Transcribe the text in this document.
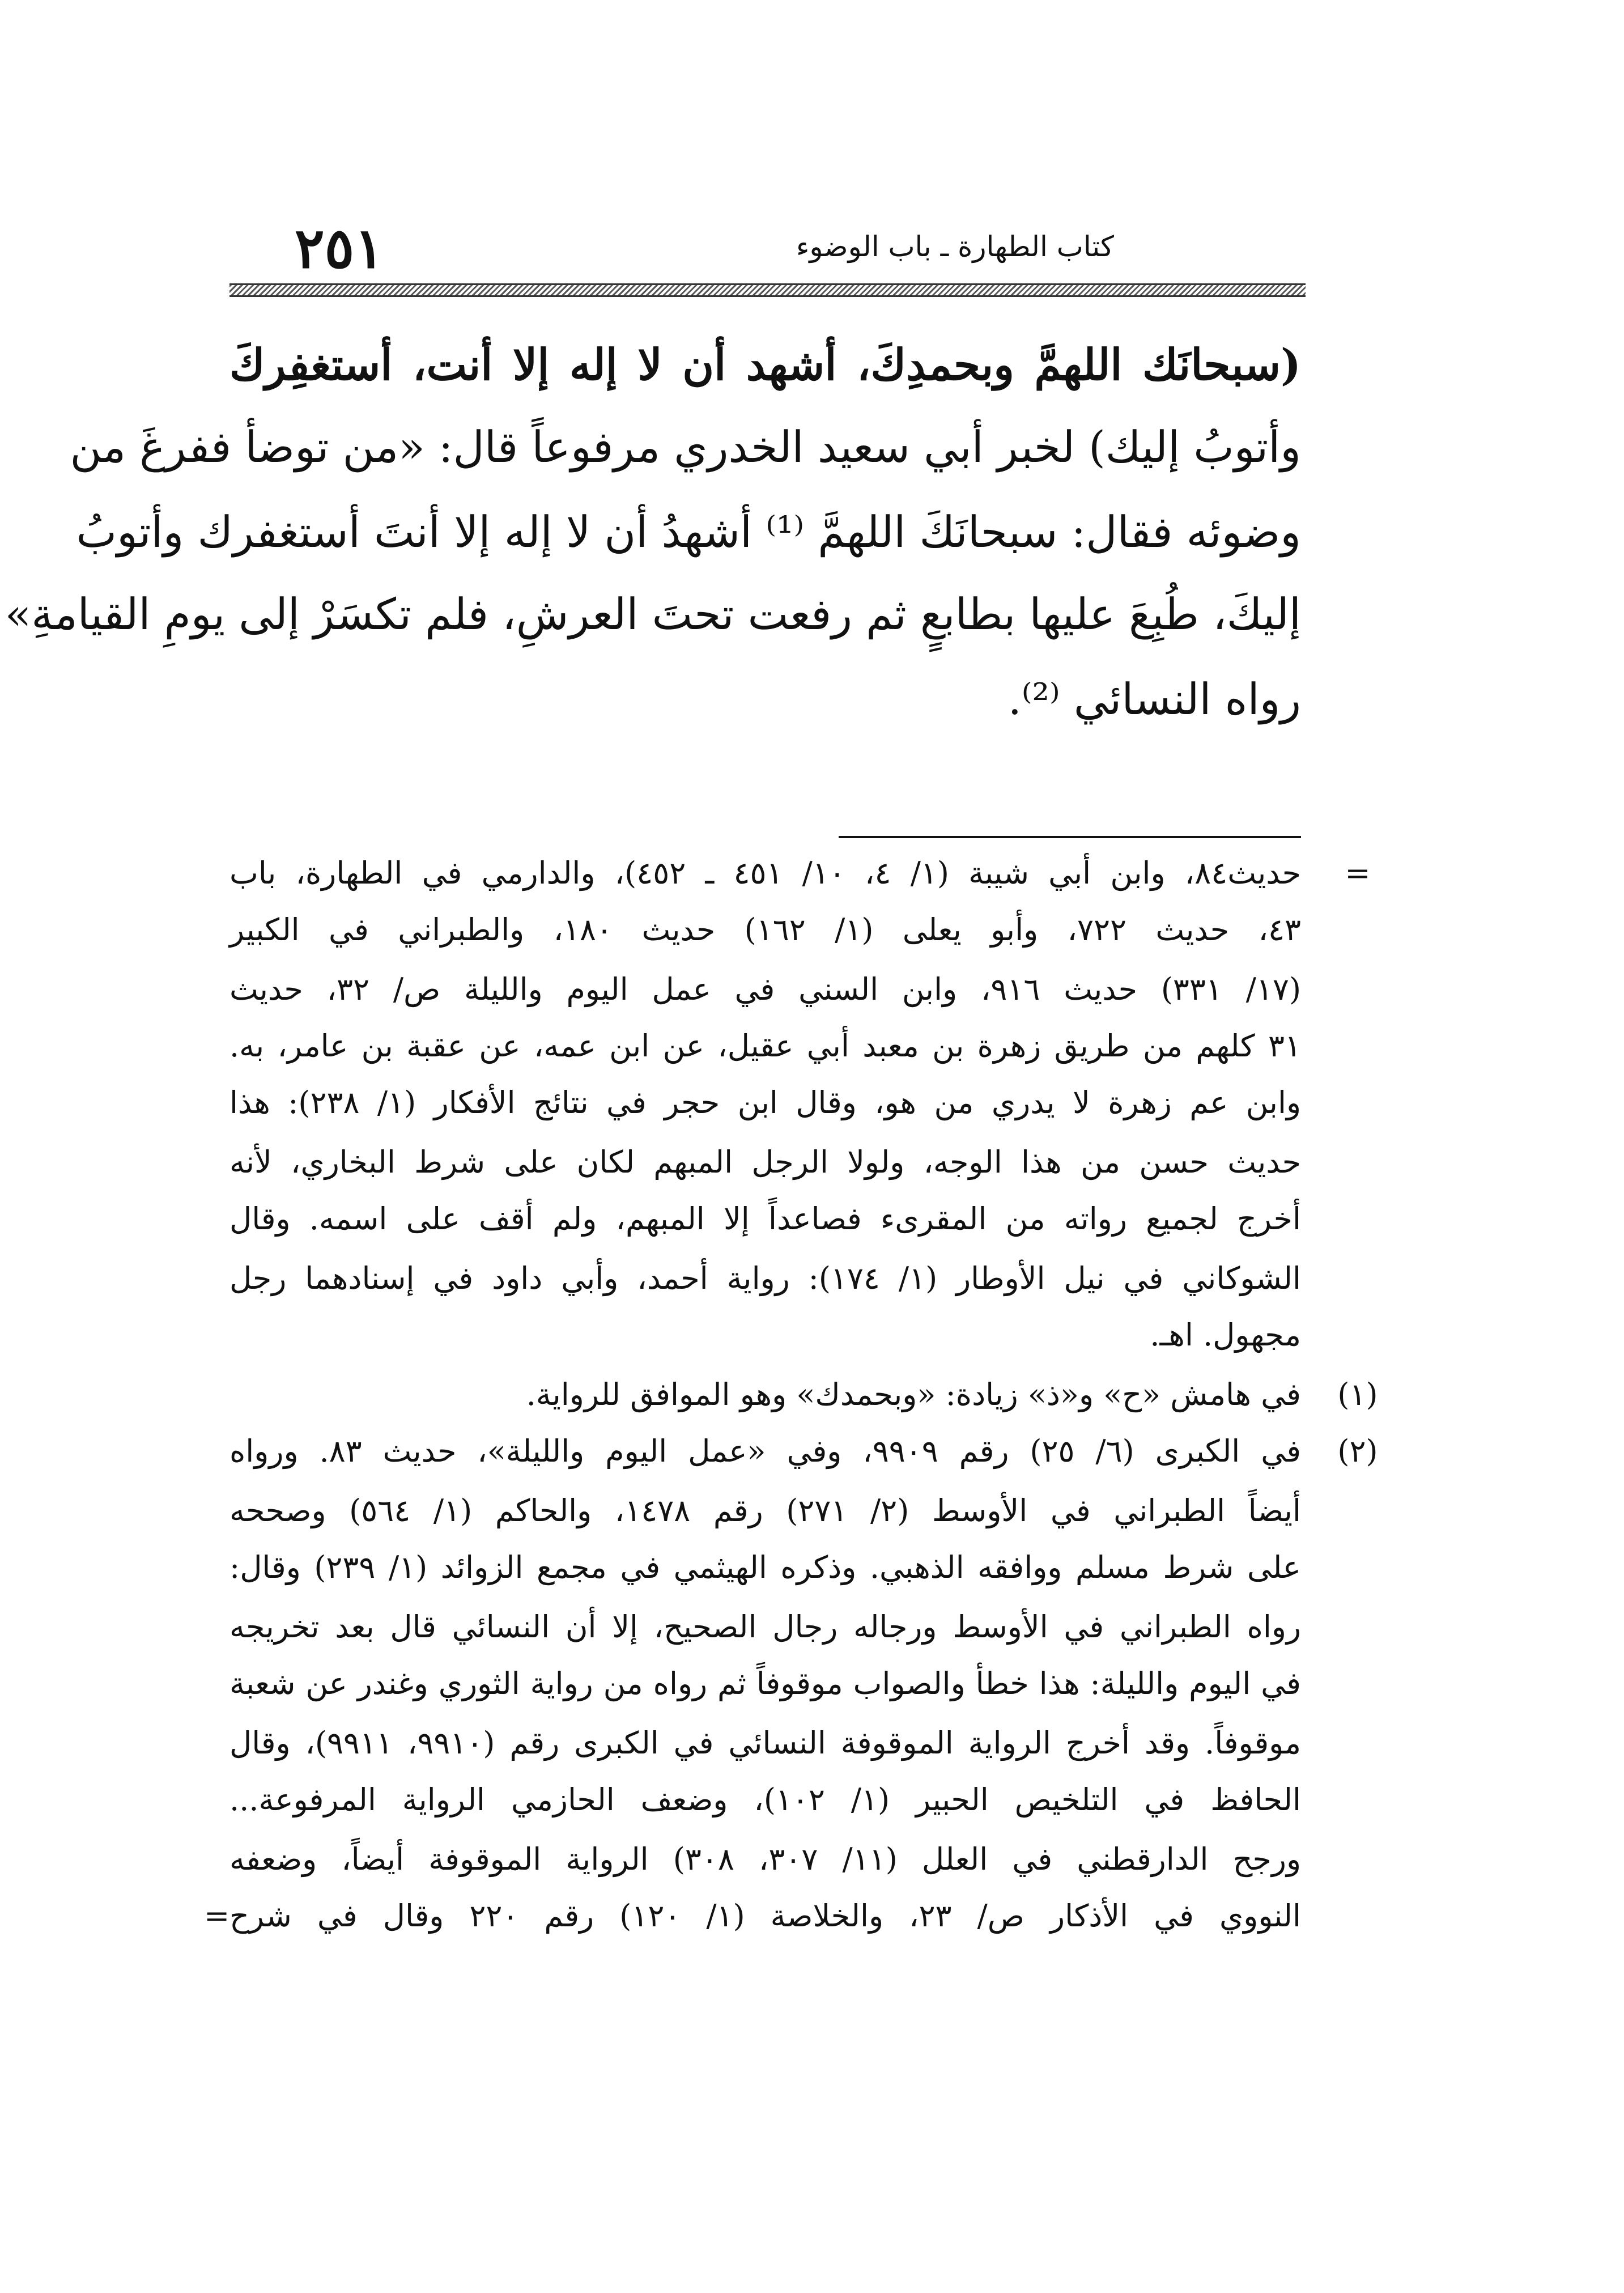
٢٥١	كتاب الطهارة ـ باب الوضوء
(سبحانَك اللهمَّ وبحمدِكَ، أشهد أن لا إله إلا أنت، أستغفِركَ
وأتوبُ إليك) لخبر أبي سعيد الخدري مرفوعاً قال: «من توضأ ففرغَ من
وضوئه فقال: سبحانَكَ اللهمَّ ⁽¹⁾ أشهدُ أن لا إله إلا أنتَ أستغفرك وأتوبُ
إليكَ، طُبِعَ عليها بطابعٍ ثم رفعت تحتَ العرشِ، فلم تكسَرْ إلى يومِ القيامةِ»
رواه النسائي ⁽²⁾.
=
حديث٨٤، وابن أبي شيبة (١/ ٤، ١٠/ ٤٥١ ـ ٤٥٢)، والدارمي في الطهارة، باب
٤٣، حديث ٧٢٢، وأبو يعلى (١/ ١٦٢) حديث ١٨٠، والطبراني في الكبير
(١٧/ ٣٣١) حديث ٩١٦، وابن السني في عمل اليوم والليلة ص/ ٣٢، حديث
٣١ كلهم من طريق زهرة بن معبد أبي عقيل، عن ابن عمه، عن عقبة بن عامر، به.
وابن عم زهرة لا يدري من هو، وقال ابن حجر في نتائج الأفكار (١/ ٢٣٨): هذا
حديث حسن من هذا الوجه، ولولا الرجل المبهم لكان على شرط البخاري، لأنه
أخرج لجميع رواته من المقرىء فصاعداً إلا المبهم، ولم أقف على اسمه. وقال
الشوكاني في نيل الأوطار (١/ ١٧٤): رواية أحمد، وأبي داود في إسنادهما رجل
مجهول. اهـ.
(١)
في هامش «ح» و«ذ» زيادة: «وبحمدك» وهو الموافق للرواية.
(٢)
في الكبرى (٦/ ٢٥) رقم ٩٩٠٩، وفي «عمل اليوم والليلة»، حديث ٨٣. ورواه
أيضاً الطبراني في الأوسط (٢/ ٢٧١) رقم ١٤٧٨، والحاكم (١/ ٥٦٤) وصححه
على شرط مسلم ووافقه الذهبي. وذكره الهيثمي في مجمع الزوائد (١/ ٢٣٩) وقال:
رواه الطبراني في الأوسط ورجاله رجال الصحيح، إلا أن النسائي قال بعد تخريجه
في اليوم والليلة: هذا خطأ والصواب موقوفاً ثم رواه من رواية الثوري وغندر عن شعبة
موقوفاً. وقد أخرج الرواية الموقوفة النسائي في الكبرى رقم (٩٩١٠، ٩٩١١)، وقال
الحافظ في التلخيص الحبير (١/ ١٠٢)، وضعف الحازمي الرواية المرفوعة...
ورجح الدارقطني في العلل (١١/ ٣٠٧، ٣٠٨) الرواية الموقوفة أيضاً، وضعفه
النووي في الأذكار ص/ ٢٣، والخلاصة (١/ ١٢٠) رقم ٢٢٠ وقال في شرح
=
